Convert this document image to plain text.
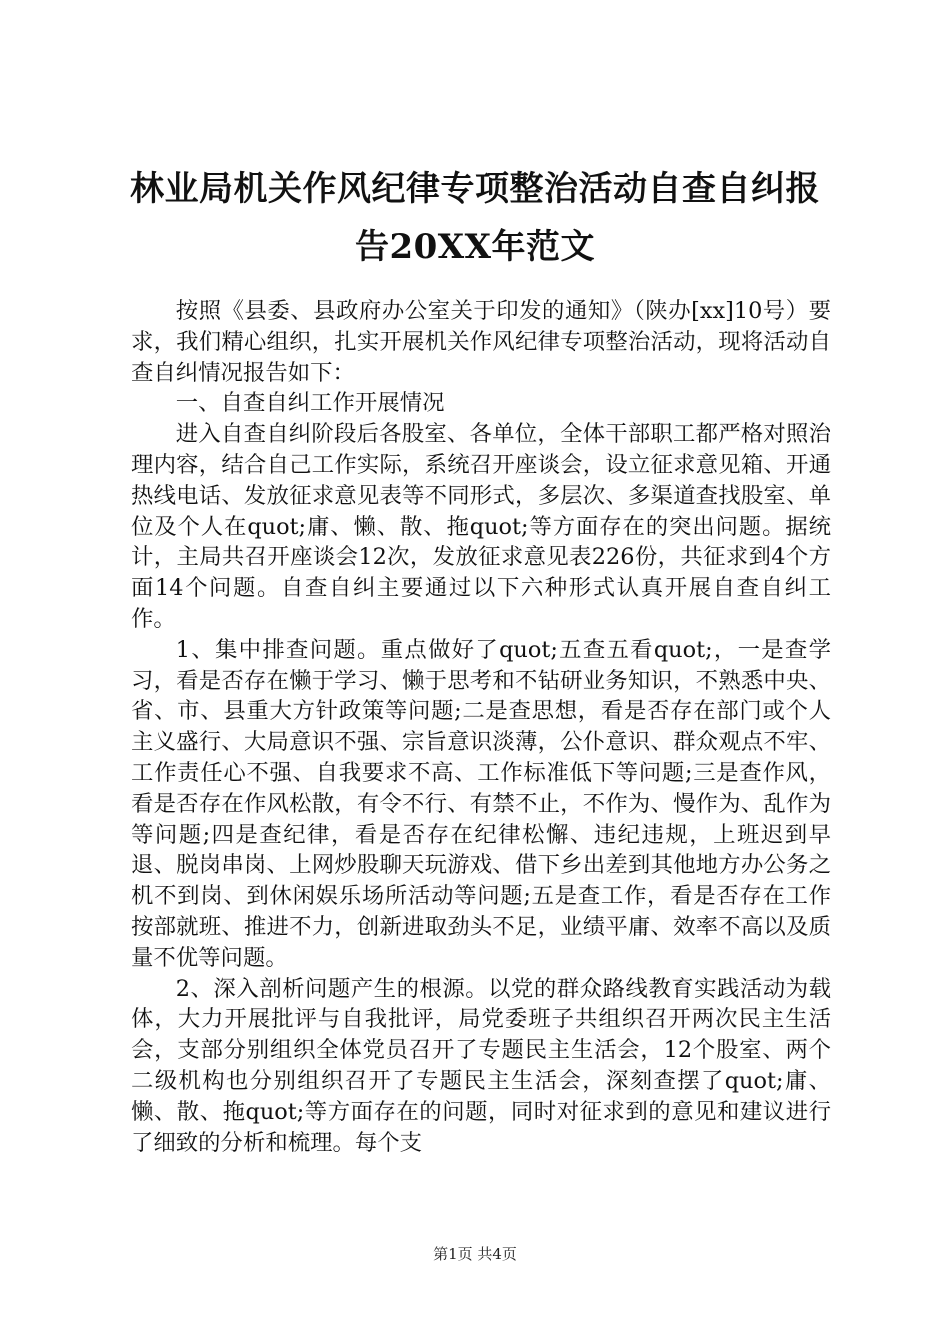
林业局机关作风纪律专项整治活动自查自纠报告20XX年范文

按照《县委、县政府办公室关于印发的通知》（陕办[xx]10号）要求，我们精心组织，扎实开展机关作风纪律专项整治活动，现将活动自查自纠情况报告如下：

一、自查自纠工作开展情况

进入自查自纠阶段后各股室、各单位，全体干部职工都严格对照治理内容，结合自己工作实际，系统召开座谈会，设立征求意见箱、开通热线电话、发放征求意见表等不同形式，多层次、多渠道查找股室、单位及个人在quot;庸、懒、散、拖quot;等方面存在的突出问题。据统计，主局共召开座谈会12次，发放征求意见表226份，共征求到4个方面14个问题。自查自纠主要通过以下六种形式认真开展自查自纠工作。

1、集中排查问题。重点做好了quot;五查五看quot;，一是查学习，看是否存在懒于学习、懒于思考和不钻研业务知识，不熟悉中央、省、市、县重大方针政策等问题;二是查思想，看是否存在部门或个人主义盛行、大局意识不强、宗旨意识淡薄，公仆意识、群众观点不牢、工作责任心不强、自我要求不高、工作标准低下等问题;三是查作风，看是否存在作风松散，有令不行、有禁不止，不作为、慢作为、乱作为等问题;四是查纪律，看是否存在纪律松懈、违纪违规，上班迟到早退、脱岗串岗、上网炒股聊天玩游戏、借下乡出差到其他地方办公务之机不到岗、到休闲娱乐场所活动等问题;五是查工作，看是否存在工作按部就班、推进不力，创新进取劲头不足，业绩平庸、效率不高以及质量不优等问题。

2、深入剖析问题产生的根源。以党的群众路线教育实践活动为载体，大力开展批评与自我批评，局党委班子共组织召开两次民主生活会，支部分别组织全体党员召开了专题民主生活会，12个股室、两个二级机构也分别组织召开了专题民主生活会，深刻查摆了quot;庸、懒、散、拖quot;等方面存在的问题，同时对征求到的意见和建议进行了细致的分析和梳理。每个支

第1页 共4页
